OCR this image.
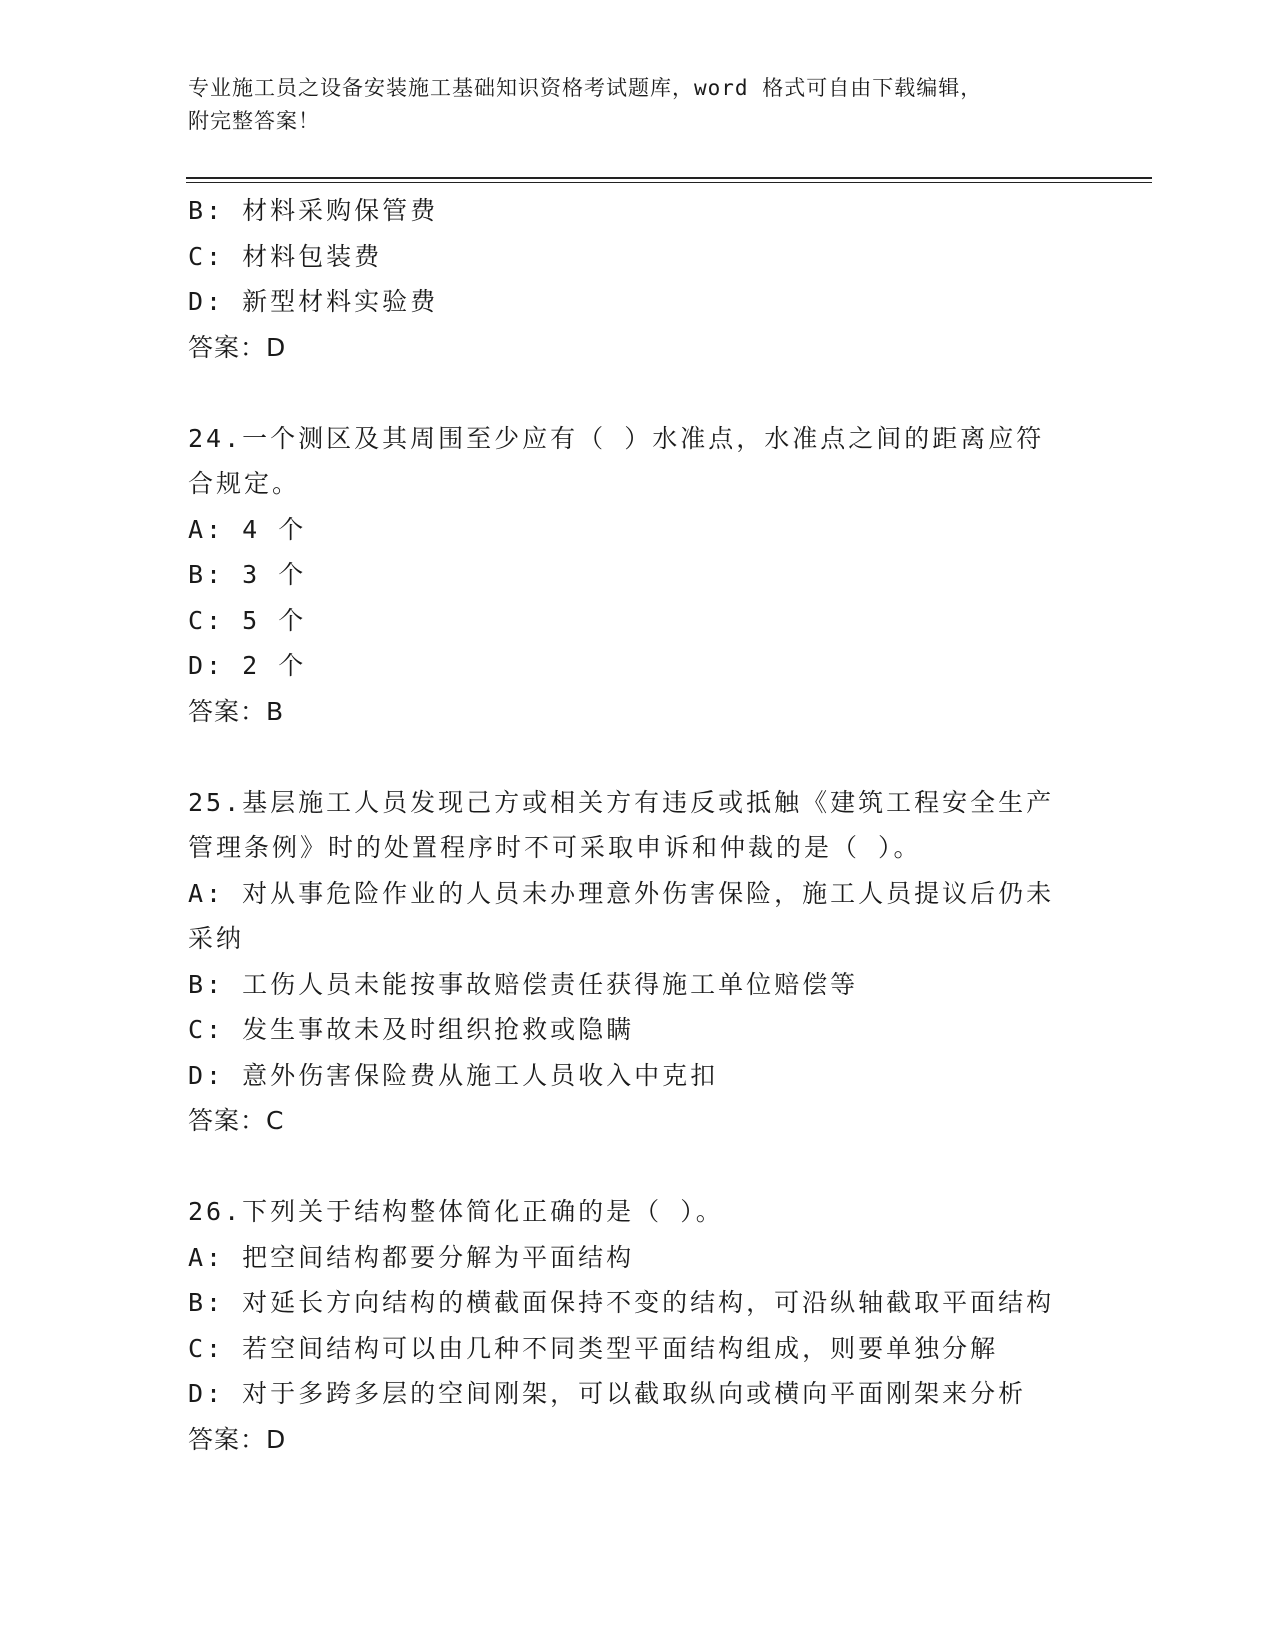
专业施工员之设备安装施工基础知识资格考试题库，word 格式可自由下载编辑，
附完整答案！
B: 材料采购保管费
C: 材料包装费
D: 新型材料实验费
答案：D
24.一个测区及其周围至少应有（ ）水准点，水准点之间的距离应符
合规定。
A: 4 个
B: 3 个
C: 5 个
D: 2 个
答案：B
25.基层施工人员发现己方或相关方有违反或抵触《建筑工程安全生产
管理条例》时的处置程序时不可采取申诉和仲裁的是（ ）。
A: 对从事危险作业的人员未办理意外伤害保险，施工人员提议后仍未
采纳
B: 工伤人员未能按事故赔偿责任获得施工单位赔偿等
C: 发生事故未及时组织抢救或隐瞒
D: 意外伤害保险费从施工人员收入中克扣
答案：C
26.下列关于结构整体简化正确的是（ ）。
A: 把空间结构都要分解为平面结构
B: 对延长方向结构的横截面保持不变的结构，可沿纵轴截取平面结构
C: 若空间结构可以由几种不同类型平面结构组成，则要单独分解
D: 对于多跨多层的空间刚架，可以截取纵向或横向平面刚架来分析
答案：D
